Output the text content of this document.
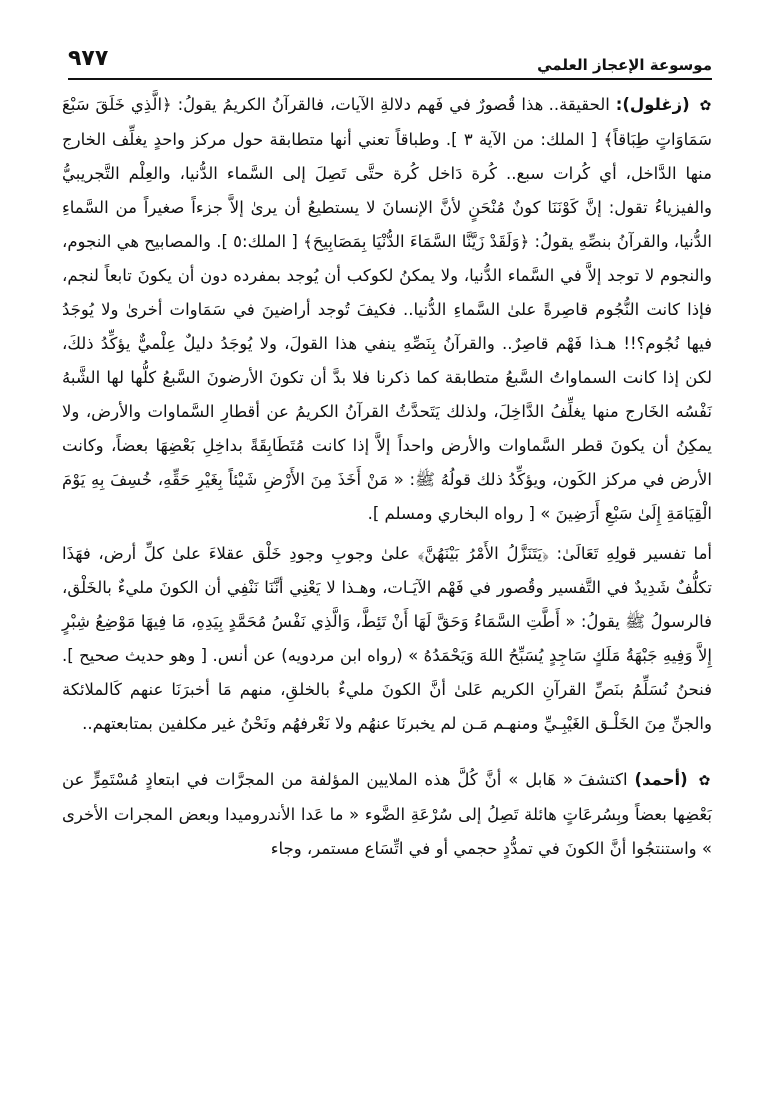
موسوعة الإعجاز العلمي
٩٧٧

✿ (زغلول): الحقيقة.. هذا قُصورٌ في فَهم دلالةِ الآيات، فالقرآنُ الكريمُ يقولُ: ﴿الَّذِي خَلَقَ سَبْعَ سَمَاوَاتٍ طِبَاقاً﴾ [ الملك: من الآية ٣ ]. وطباقاً تعني أنها متطابقة حول مركز واحدٍ يغلِّف الخارج منها الدَّاخل، أي كُرات سبع.. كُرة دَاخل كُرة حتَّى تَصِلَ إلى السَّماء الدُّنيا، والعِلْم التَّجريبيُّ والفيزياءُ تقول: إنَّ كَوْنَنَا كونٌ مُنْحَنٍ لأنَّ الإنسانَ لا يستطيعُ أن يرىٰ إلاَّ جزءاً صغيراً من السَّماءِ الدُّنيا، والقرآنُ بنصِّهِ يقولُ: ﴿وَلَقَدْ زَيَّنَّا السَّمَاءَ الدُّنْيَا بِمَصَابِيحَ﴾ [ الملك:٥ ]. والمصابيح هي النجوم، والنجوم لا توجد إلاَّ في السَّماء الدُّنيا، ولا يمكنُ لكوكب أن يُوجد بمفرده دون أن يكونَ تابعاً لنجم، فإذا كانت النُّجُوم قاصِرةً علىٰ السَّماءِ الدُّنيا.. فكيفَ تُوجد أراضينَ في سَمَاوات أخرىٰ ولا يُوجَدُ فيها نُجُوم؟!! هـذا فَهْم قاصِرٌ.. والقرآنُ بِنَصِّهِ ينفي هذا القولَ، ولا يُوجَدُ دليلٌ عِلْميٌّ يؤكِّدُ ذلكَ، لكن إذا كانت السماواتُ السَّبعُ متطابقة كما ذكرنا فلا بدَّ أن تكونَ الأرضونَ السَّبعُ كلُّها لها الشَّبهُ نَفْسُه الخَارج منها يغلِّفُ الدَّاخِلَ، ولذلك يَتَحدَّثُ القرآنُ الكريمُ عن أقطارِ السَّماوات والأرض، ولا يمكِنُ أن يكونَ قطر السَّماوات والأرض واحداً إلاَّ إذا كانت مُتَطَابِقَةً بداخِلِ بَعْضِهَا بعضاً، وكانت الأرض في مركز الكَون، ويؤكِّدُ ذلك قولُهُ ﷺ: « مَنْ أَخَذَ مِنَ الأَرْضِ شَيْئاً بِغَيْرِ حَقِّهِ، خُسِفَ بِهِ يَوْمَ الْقِيَامَةِ إِلَىٰ سَبْعِ أَرَضِينَ » [ رواه البخاري ومسلم ].

أما تفسير قولِهِ تَعَالَىٰ: ﴿يَتَنَزَّلُ الأَمْرُ بَيْنَهُنَّ﴾ علىٰ وجوبِ وجودِ خَلْق عقلاءَ علىٰ كلِّ أرض، فهَذَا تكلُّفٌ شَدِيدٌ في التَّفسير وقُصور في فَهْم الآيَـات، وهـذا لا يَعْنِي أنَّنَا نَنْفِي أن الكونَ مليءٌ بالخَلْق، فالرسولُ ﷺ يقولُ: « أَطَّتِ السَّمَاءُ وَحَقَّ لَهَا أَنْ تَئِطَّ، وَالَّذِي نَفْسُ مُحَمَّدٍ بِيَدِهِ، مَا فِيهَا مَوْضِعُ شِبْرٍ إِلاَّ وَفِيهِ جَبْهَةُ مَلَكٍ سَاجِدٍ يُسَبِّحُ اللهَ وَيَحْمَدُهُ » (رواه ابن مردويه) عن أنس. [ وهو حديث صحيح ]. فنحنُ نُسَلِّمُ بنَصِّ القرآنِ الكريم عَلىٰ أنَّ الكونَ مليءٌ بالخلقِ، منهم مَا أخبرَنَا عنهم كَالملائكة والجنِّ مِنَ الخَلْـق الغَيْبِـيِّ ومنهـم مَـن لم يخبرنَا عنهُم ولا نَعْرفهُم ونَحْنُ غير مكلفين بمتابعتهم..

✿ (أحمد) اكتشفَ « هَابل » أنَّ كُلَّ هذه الملايين المؤلفة من المجرَّات في ابتعادٍ مُسْتَمِرٍّ عن بَعْضِها بعضاً وبِسُرعَاتٍ هائلة تَصِلُ إلى سُرْعَةِ الضَّوء « ما عَدا الأندروميدا وبعض المجرات الأخرى » واستنتجُوا أنَّ الكونَ في تمدُّدٍ حجمي أو في اتِّسَاع مستمر، وجاء
